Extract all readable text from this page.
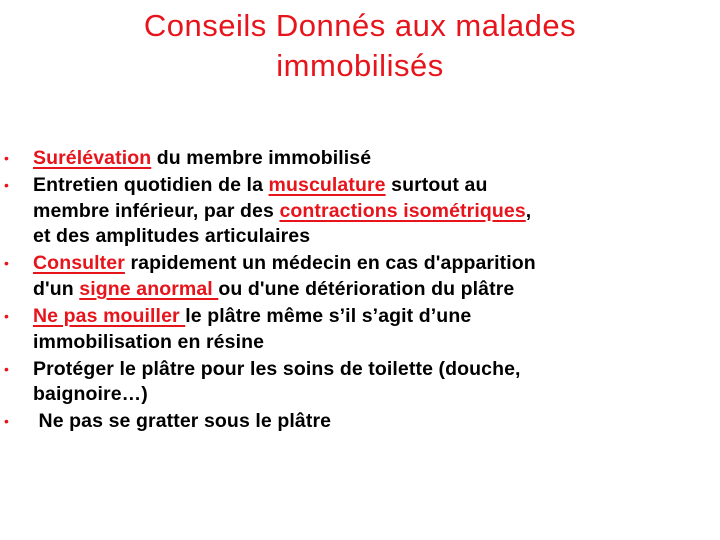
Conseils Donnés aux malades
immobilisés
• Surélévation du membre immobilisé
• Entretien quotidien de la musculature surtout au
membre inférieur, par des contractions isométriques,
et des amplitudes articulaires
• Consulter rapidement un médecin en cas d'apparition
d'un signe anormal ou d'une détérioration du plâtre
• Ne pas mouiller le plâtre même s’il s’agit d’une
immobilisation en résine
• Protéger le plâtre pour les soins de toilette (douche,
baignoire…)
• Ne pas se gratter sous le plâtre
